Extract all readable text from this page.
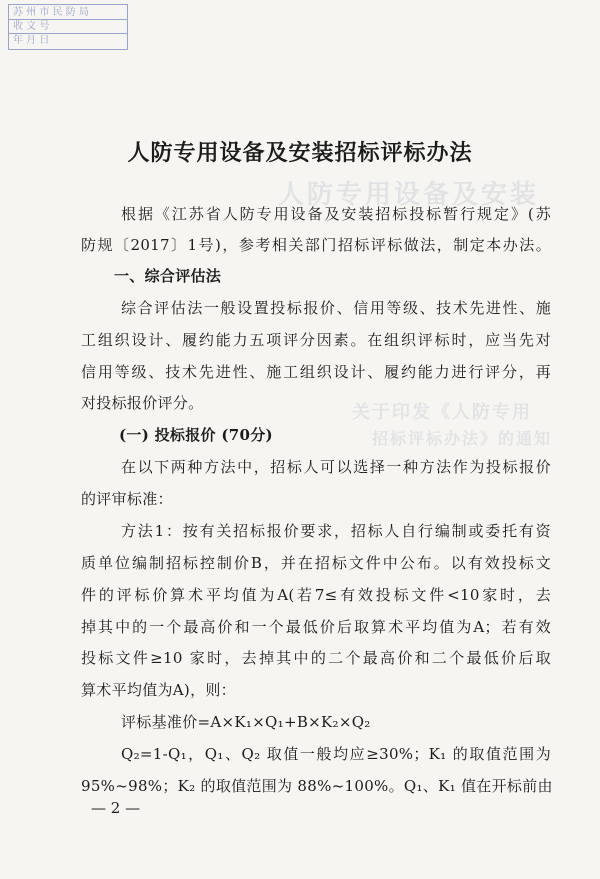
苏 州 市 民 防 局
收 文 号
年 月 日
人防专用设备及安装
关于印发《人防专用
招标评标办法》的通知
人防专用设备及安装招标评标办法
根据《江苏省人防专用设备及安装招标投标暂行规定》(苏
防规〔2017〕1号)，参考相关部门招标评标做法，制定本办法。
一、综合评估法
综合评估法一般设置投标报价、信用等级、技术先进性、施
工组织设计、履约能力五项评分因素。在组织评标时，应当先对
信用等级、技术先进性、施工组织设计、履约能力进行评分，再
对投标报价评分。
(一) 投标报价 (70分)
在以下两种方法中，招标人可以选择一种方法作为投标报价
的评审标准：
方法1：按有关招标报价要求，招标人自行编制或委托有资
质单位编制招标控制价B，并在招标文件中公布。以有效投标文
件的评标价算术平均值为A(若7≤有效投标文件<10家时，去
掉其中的一个最高价和一个最低价后取算术平均值为A；若有效
投标文件≥10 家时，去掉其中的二个最高价和二个最低价后取
算术平均值为A)，则：
评标基准价=A×K₁×Q₁+B×K₂×Q₂
Q₂=1-Q₁，Q₁、Q₂ 取值一般均应≥30%；K₁ 的取值范围为
95%~98%；K₂ 的取值范围为 88%~100%。Q₁、K₁ 值在开标前由
— 2 —
